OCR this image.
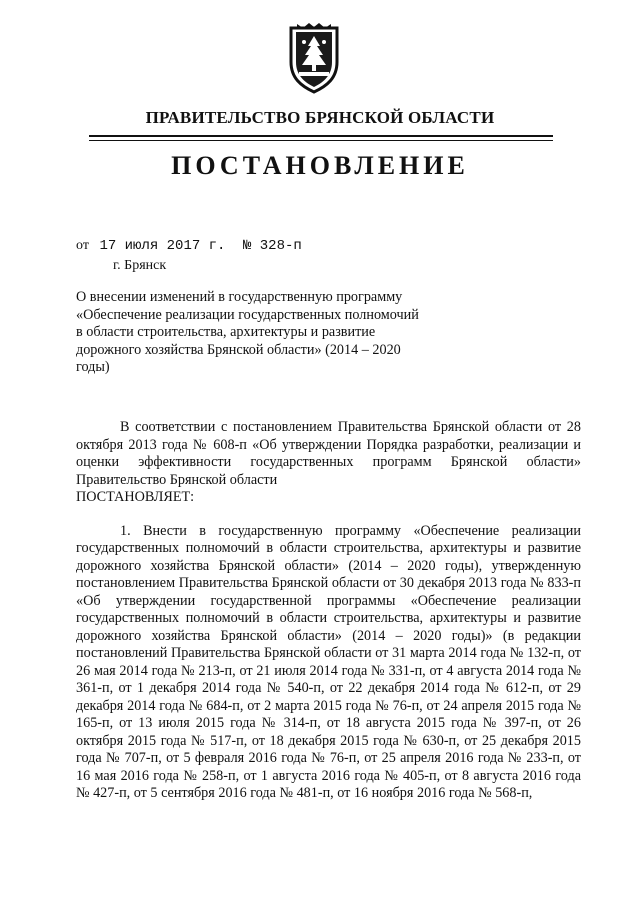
ПРАВИТЕЛЬСТВО БРЯНСКОЙ ОБЛАСТИ
ПОСТАНОВЛЕНИЕ
от 17 июля 2017 г. № 328-п
г. Брянск
О внесении изменений в государственную программу «Обеспечение реализации государственных полномочий в области строительства, архитектуры и развитие дорожного хозяйства Брянской области» (2014 – 2020 годы)

В соответствии с постановлением Правительства Брянской области от 28 октября 2013 года № 608-п «Об утверждении Порядка разработки, реализации и оценки эффективности государственных программ Брянской области» Правительство Брянской области

ПОСТАНОВЛЯЕТ:

1. Внести в государственную программу «Обеспечение реализации государственных полномочий в области строительства, архитектуры и развитие дорожного хозяйства Брянской области» (2014 – 2020 годы), утвержденную постановлением Правительства Брянской области от 30 декабря 2013 года № 833-п «Об утверждении государственной программы «Обеспечение реализации государственных полномочий в области строительства, архитектуры и развитие дорожного хозяйства Брянской области» (2014 – 2020 годы)» (в редакции постановлений Правительства Брянской области от 31 марта 2014 года № 132-п, от 26 мая 2014 года № 213-п, от 21 июля 2014 года № 331-п, от 4 августа 2014 года № 361-п, от 1 декабря 2014 года № 540-п, от 22 декабря 2014 года № 612-п, от 29 декабря 2014 года № 684-п, от 2 марта 2015 года № 76-п, от 24 апреля 2015 года № 165-п, от 13 июля 2015 года № 314-п, от 18 августа 2015 года № 397-п, от 26 октября 2015 года № 517-п, от 18 декабря 2015 года № 630-п, от 25 декабря 2015 года № 707-п, от 5 февраля 2016 года № 76-п, от 25 апреля 2016 года № 233-п, от 16 мая 2016 года № 258-п, от 1 августа 2016 года № 405-п, от 8 августа 2016 года № 427-п, от 5 сентября 2016 года № 481-п, от 16 ноября 2016 года № 568-п,
